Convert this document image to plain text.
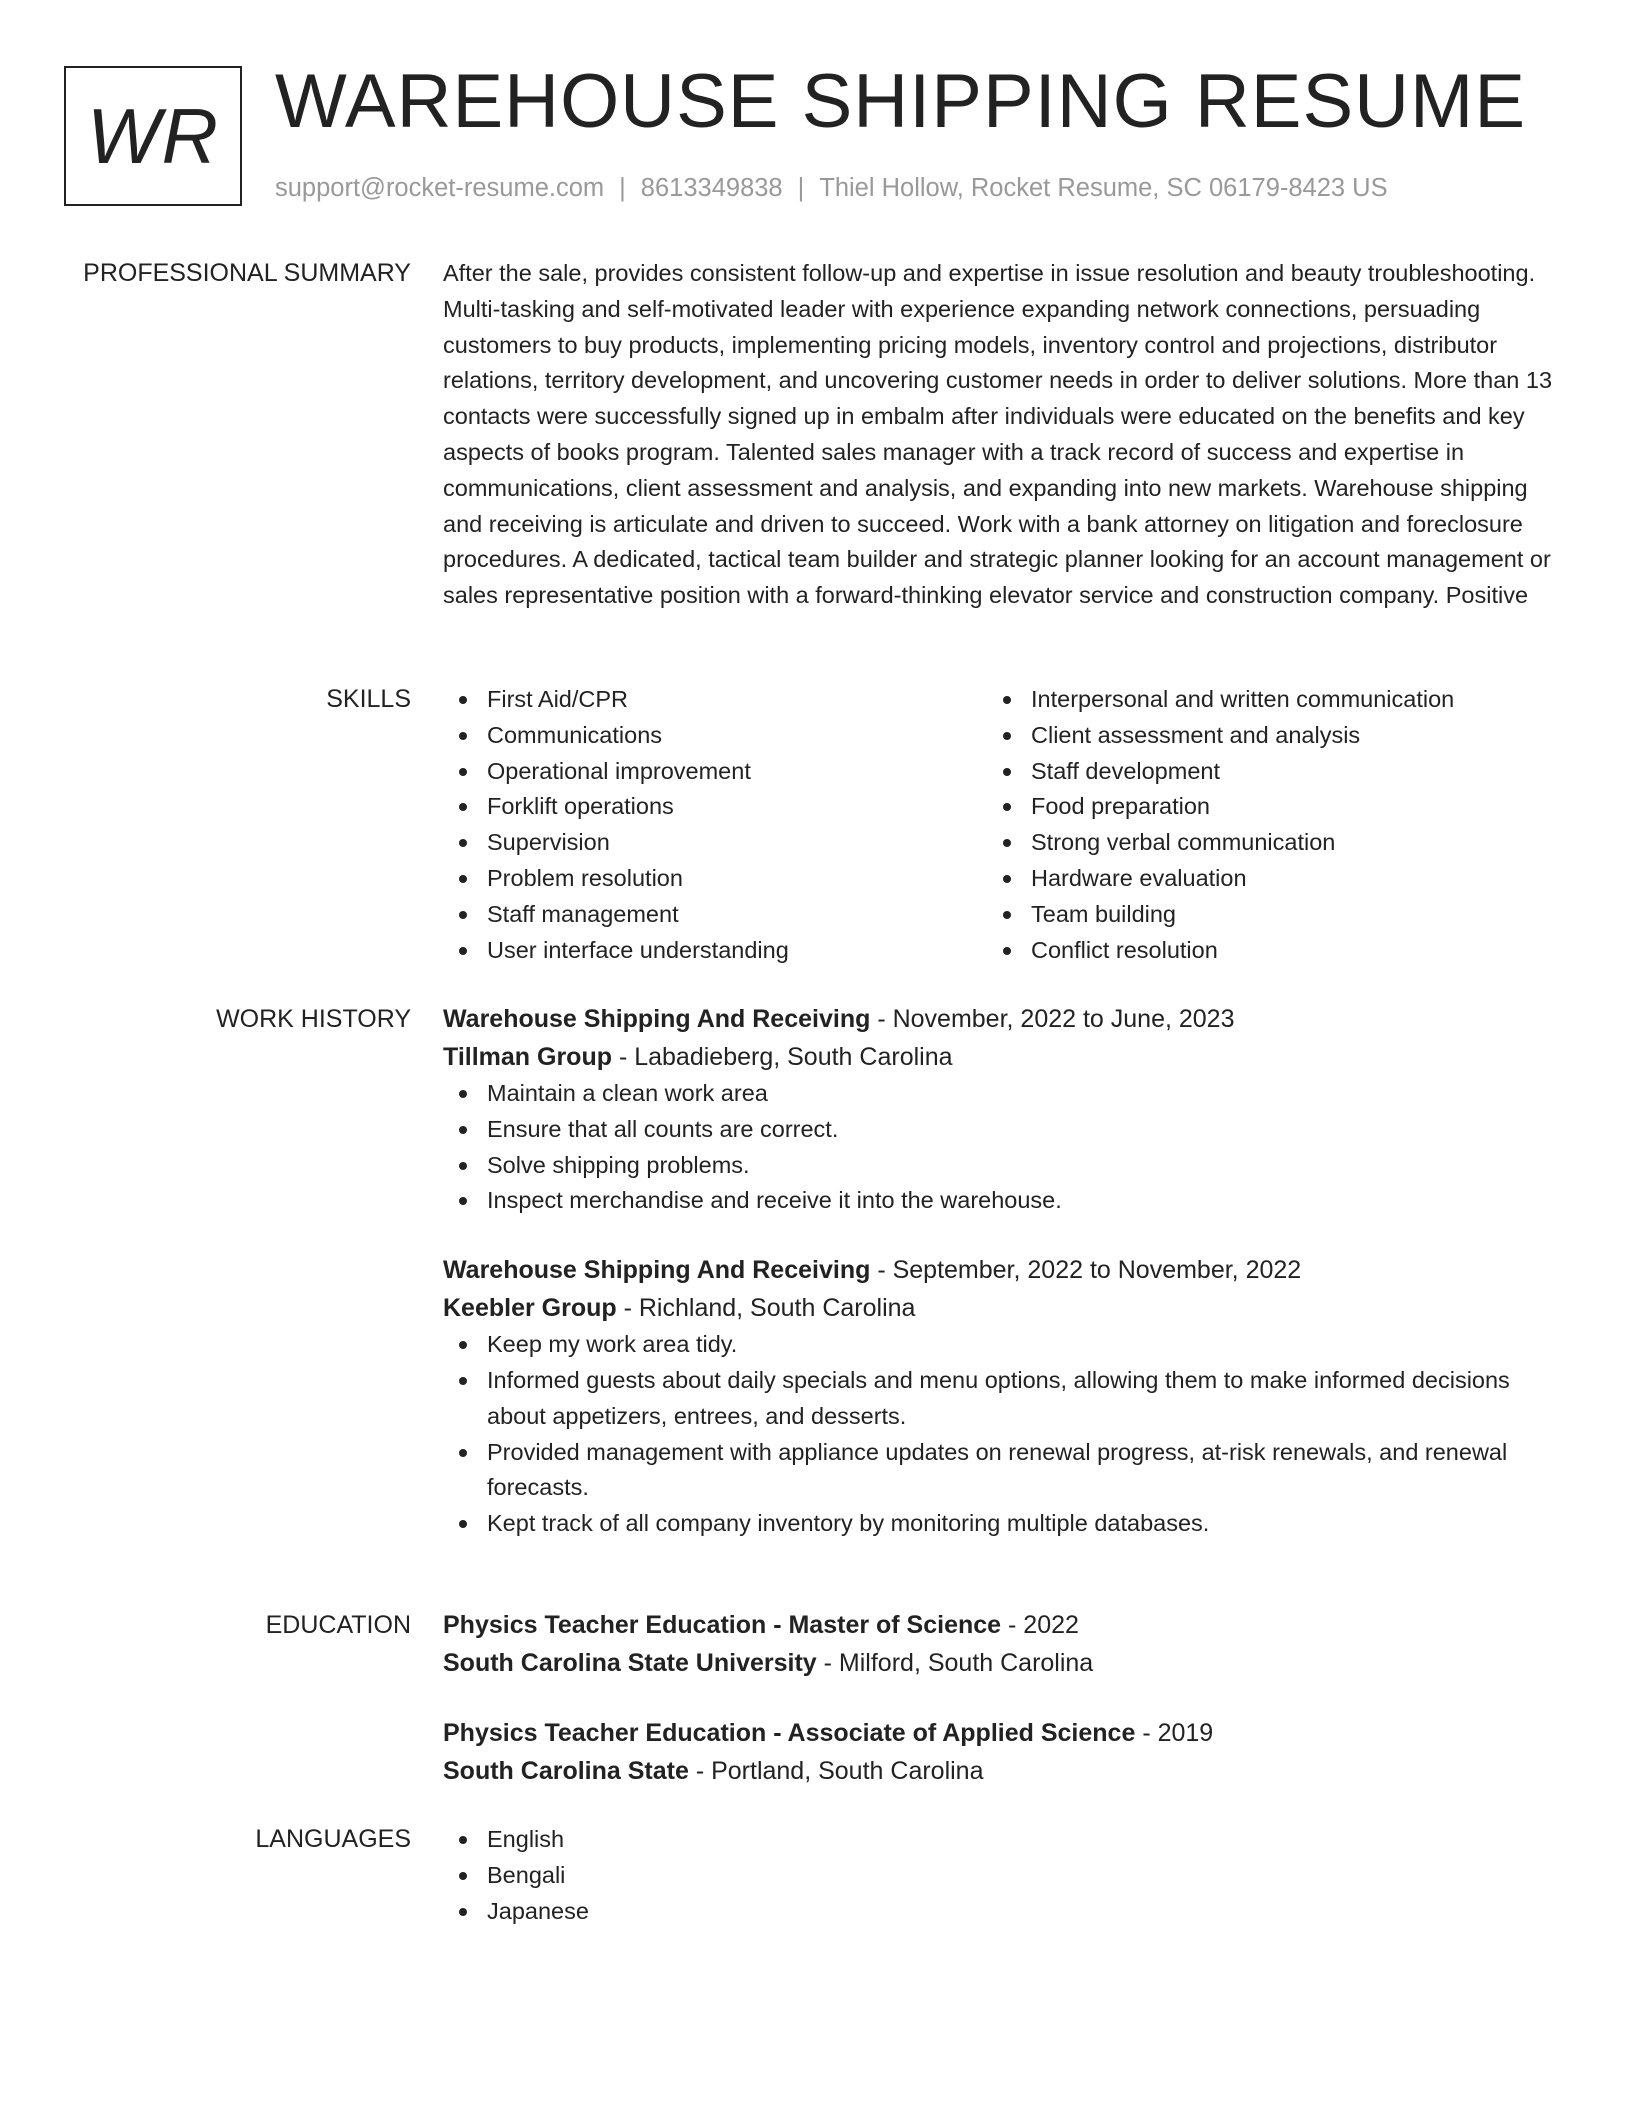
WR WAREHOUSE SHIPPING RESUME
support@rocket-resume.com | 8613349838 | Thiel Hollow, Rocket Resume, SC 06179-8423 US
PROFESSIONAL SUMMARY After the sale, provides consistent follow-up and expertise in issue resolution and beauty troubleshooting. Multi-tasking and self-motivated leader with experience expanding network connections, persuading customers to buy products, implementing pricing models, inventory control and projections, distributor relations, territory development, and uncovering customer needs in order to deliver solutions. More than 13 contacts were successfully signed up in embalm after individuals were educated on the benefits and key aspects of books program. Talented sales manager with a track record of success and expertise in communications, client assessment and analysis, and expanding into new markets. Warehouse shipping and receiving is articulate and driven to succeed. Work with a bank attorney on litigation and foreclosure procedures. A dedicated, tactical team builder and strategic planner looking for an account management or sales representative position with a forward-thinking elevator service and construction company. Positive

SKILLS	First Aid/CPR
Communications
Operational improvement
Forklift operations
Supervision
Problem resolution
Staff management
User interface understanding
Interpersonal and written communication
Client assessment and analysis
Staff development
Food preparation
Strong verbal communication
Hardware evaluation
Team building
Conflict resolution
WORK HISTORY Warehouse Shipping And Receiving - November, 2022 to June, 2023
Tillman Group - Labadieberg, South Carolina
Maintain a clean work area
Ensure that all counts are correct.
Solve shipping problems.
Inspect merchandise and receive it into the warehouse.
Warehouse Shipping And Receiving - September, 2022 to November, 2022
Keebler Group - Richland, South Carolina
Keep my work area tidy.
Informed guests about daily specials and menu options, allowing them to make informed decisions about appetizers, entrees, and desserts.
Provided management with appliance updates on renewal progress, at-risk renewals, and renewal forecasts.
Kept track of all company inventory by monitoring multiple databases.
EDUCATION Physics Teacher Education - Master of Science - 2022
South Carolina State University - Milford, South Carolina
Physics Teacher Education - Associate of Applied Science - 2019
South Carolina State - Portland, South Carolina
LANGUAGES	English
Bengali
Japanese
